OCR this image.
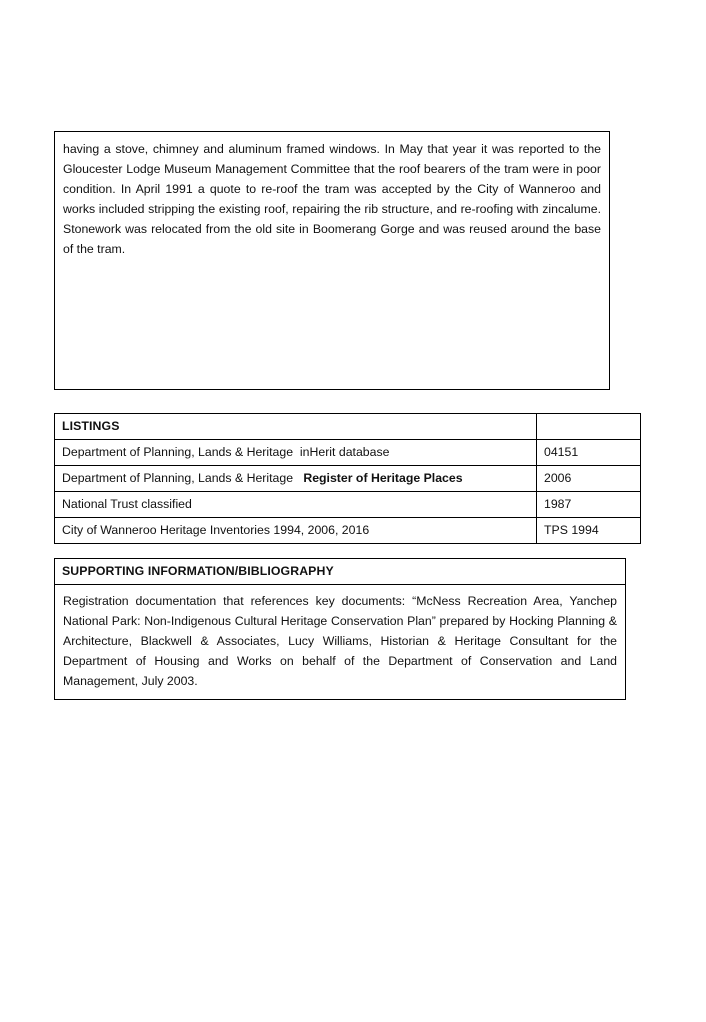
having a stove, chimney and aluminum framed windows. In May that year it was reported to the Gloucester Lodge Museum Management Committee that the roof bearers of the tram were in poor condition. In April 1991 a quote to re-roof the tram was accepted by the City of Wanneroo and works included stripping the existing roof, repairing the rib structure, and re-roofing with zincalume. Stonework was relocated from the old site in Boomerang Gorge and was reused around the base of the tram.

LISTINGS	
Department of Planning, Lands & Heritage inHerit database	04151
Department of Planning, Lands & Heritage Register of Heritage Places	2006
National Trust classified	1987
City of Wanneroo Heritage Inventories 1994, 2006, 2016	TPS 1994
SUPPORTING INFORMATION/BIBLIOGRAPHY
Registration documentation that references key documents: “McNess Recreation Area, Yanchep National Park: Non-Indigenous Cultural Heritage Conservation Plan” prepared by Hocking Planning & Architecture, Blackwell & Associates, Lucy Williams, Historian & Heritage Consultant for the Department of Housing and Works on behalf of the Department of Conservation and Land Management, July 2003.
